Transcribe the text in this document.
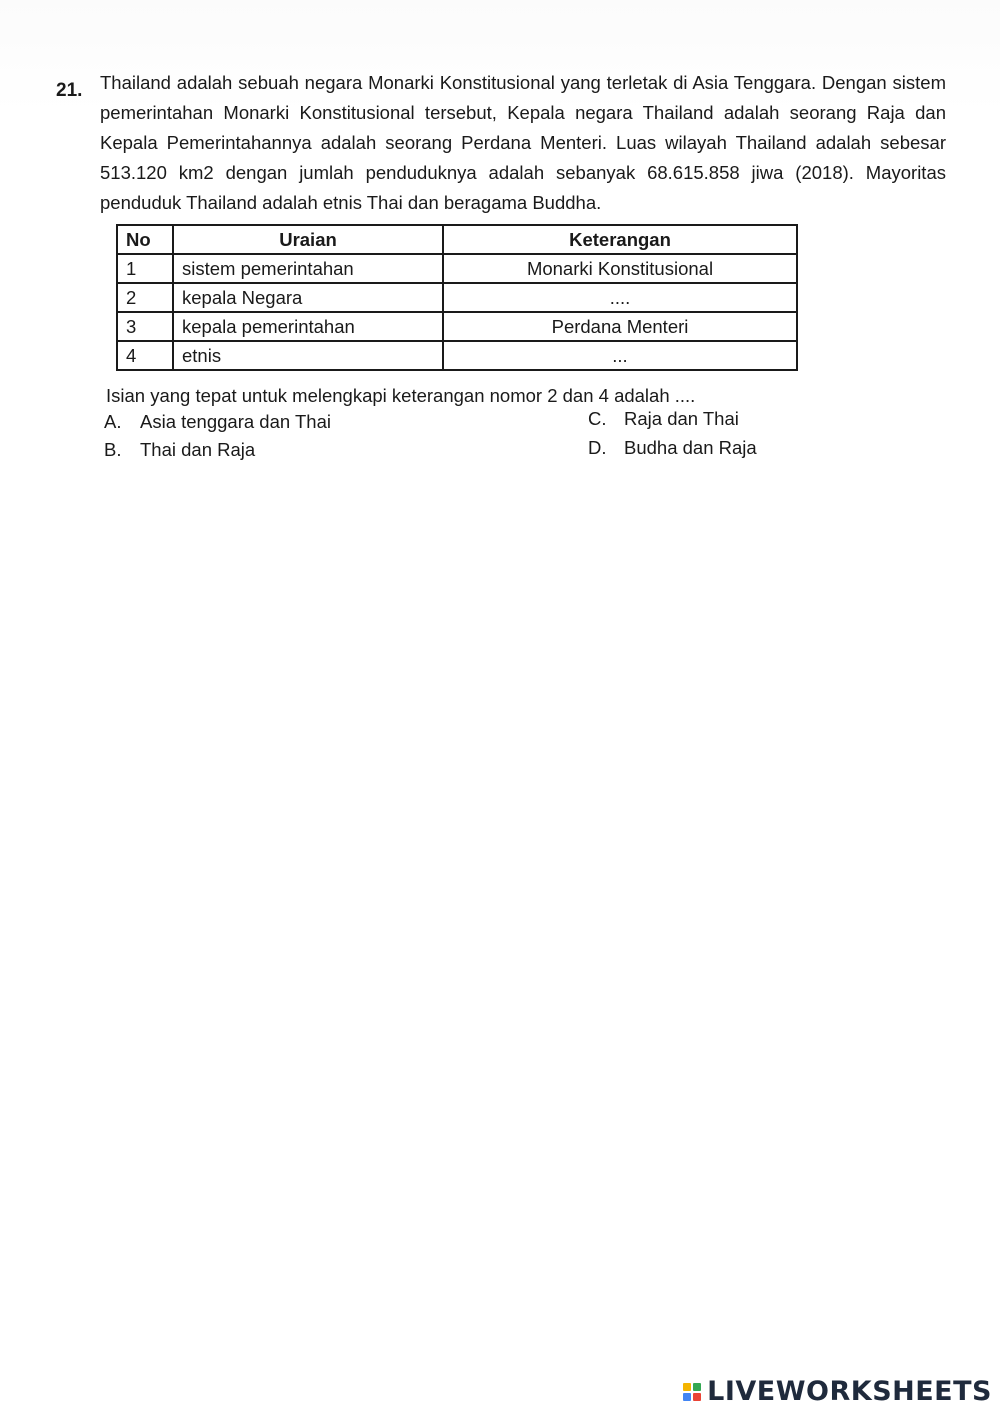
21. Thailand adalah sebuah negara Monarki Konstitusional yang terletak di Asia Tenggara. Dengan sistem pemerintahan Monarki Konstitusional tersebut, Kepala negara Thailand adalah seorang Raja dan Kepala Pemerintahannya adalah seorang Perdana Menteri. Luas wilayah Thailand adalah sebesar 513.120 km2 dengan jumlah penduduknya adalah sebanyak 68.615.858 jiwa (2018). Mayoritas penduduk Thailand adalah etnis Thai dan beragama Buddha.
No	Uraian	Keterangan
1	sistem pemerintahan	Monarki Konstitusional
2	kepala Negara	....
3	kepala pemerintahan	Perdana Menteri
4	etnis	...
Isian yang tepat untuk melengkapi keterangan nomor 2 dan 4 adalah ....
A. Asia tenggara dan Thai
B. Thai dan Raja
C. Raja dan Thai
D. Budha dan Raja
LIVEWORKSHEETS
